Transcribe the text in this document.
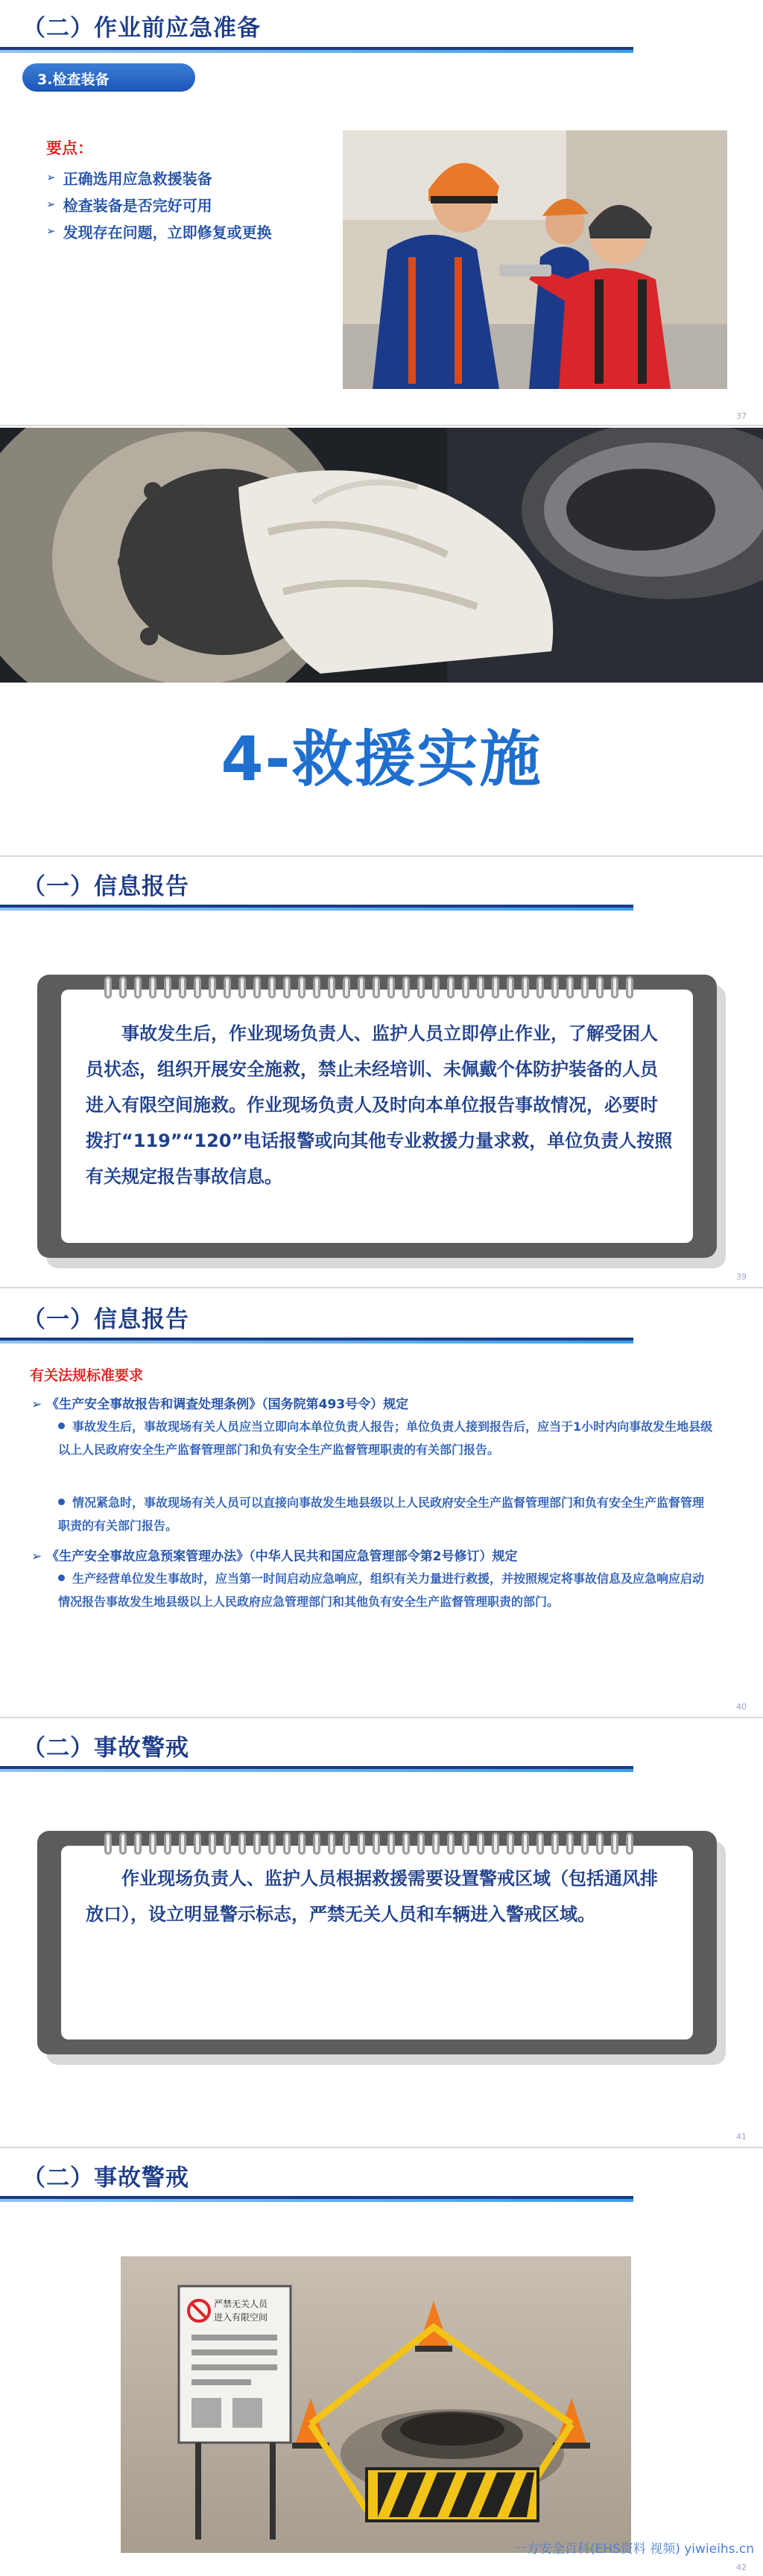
（二）作业前应急准备
3.检查装备
要点：
➢ 正确选用应急救援装备
➢ 检查装备是否完好可用
➢ 发现存在问题，立即修复或更换
37
4-救援实施
（一）信息报告
事故发生后，作业现场负责人、监护人员立即停止作业，了解受困人员状态，组织开展安全施救，禁止未经培训、未佩戴个体防护装备的人员进入有限空间施救。作业现场负责人及时向本单位报告事故情况，必要时拨打“119”“120”电话报警或向其他专业救援力量求救，单位负责人按照有关规定报告事故信息。
39
（一）信息报告
有关法规标准要求
➢ 《生产安全事故报告和调查处理条例》（国务院第493号令）规定
事故发生后，事故现场有关人员应当立即向本单位负责人报告；单位负责人接到报告后，应当于1小时内向事故发生地县级以上人民政府安全生产监督管理部门和负有安全生产监督管理职责的有关部门报告。
情况紧急时，事故现场有关人员可以直接向事故发生地县级以上人民政府安全生产监督管理部门和负有安全生产监督管理职责的有关部门报告。
➢ 《生产安全事故应急预案管理办法》（中华人民共和国应急管理部令第2号修订）规定
生产经营单位发生事故时，应当第一时间启动应急响应，组织有关力量进行救援，并按照规定将事故信息及应急响应启动情况报告事故发生地县级以上人民政府应急管理部门和其他负有安全生产监督管理职责的部门。
40
（二）事故警戒
作业现场负责人、监护人员根据救援需要设置警戒区域（包括通风排放口），设立明显警示标志，严禁无关人员和车辆进入警戒区域。
41
（二）事故警戒
严禁无关人员
进入有限空间
一方安全百科(EHS资料 视频) yiwieihs.cn
42
